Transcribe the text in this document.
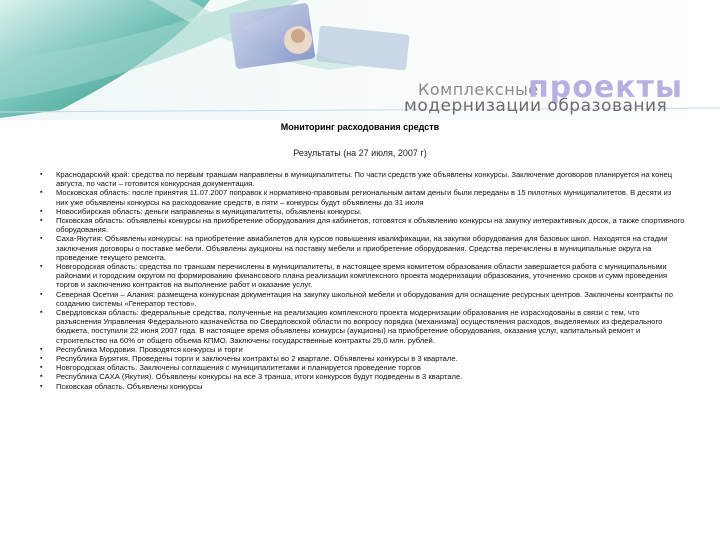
Комплексные
проекты
модернизации образования
Мониторинг расходования средств
Результаты (на 27 июля, 2007 г)
▪ Краснодарский край: средства по первым траншам направлены в муниципалитеты. По части средств уже объявлены конкурсы. Заключение договоров планируется на конец августа, по части – готовится конкурсная документация.
▪ Московская область: после принятия 11.07.2007 поправок к нормативно-правовым региональным актам деньги были переданы в 15 пилотных муниципалитетов. В десяти из них уже объявлены конкурсы на расходование средств, в пяти – конкурсы будут объявлены до 31 июля
▪ Новосибирская область: деньги направлены в муниципалитеты, объявлены конкурсы.
▪ Псковская область: объявлены конкурсы на приобретение оборудования для кабинетов, готовятся к объявлению конкурсы на закупку интерактивных досок, а также спортивного оборудования.
▪ Саха-Якутия: Объявлены конкурсы: на приобретение авиабилетов для курсов повышения квалификации, на закупки оборудования для базовых школ. Находятся на стадии заключения договоры о поставке мебели. Объявлены аукционы на поставку мебели и приобретение оборудования. Средства перечислены в муниципальные округа на проведение текущего ремонта.
▪ Новгородская область: средства по траншам перечислены в муниципалитеты, в настоящее время комитетом образования области завершается работа с муниципальными районами и городским округом по формированию финансового плана реализации комплексного проекта модернизации образования, уточнению сроков и сумм проведения торгов и заключению контрактов на выполнение работ и оказание услуг.
▪ Северная Осетии – Алания: размещена конкурсная документация на закупку школьной мебели и оборудования для оснащение ресурсных центров. Заключены контракты по созданию системы «Генератор тестов».
▪ Свердловская область: федеральные средства, полученные на реализацию комплексного проекта модернизации образования не израсходованы в связи с тем, что разъяснения Управления Федерального казначейства по Свердловской области по вопросу порядка (механизма) осуществления расходов, выделяемых из федерального бюджета, поступили 22 июня 2007 года. В настоящее время объявлены конкурсы (аукционы) на приобретение оборудования, оказания услуг, капитальный ремонт и строительство на 60% от общего объема КПМО. Заключены государственные контракты 25,0 млн. рублей.
▪ Республика Мордовия. Проводятся конкурсы и торги
▪ Республика Бурятия. Проведены торги и заключены контракты во 2 квартале. Объявлены конкурсы в 3 квартале.
▪ Новгородская область. Заключены соглашения с муниципалитетами и планируется проведение торгов
▪ Республика САХА (Якутия). Объявлены конкурсы на все 3 транша, итоги конкурсов будут подведены в 3 квартале.
▪ Псковская область. Объявлены конкурсы
